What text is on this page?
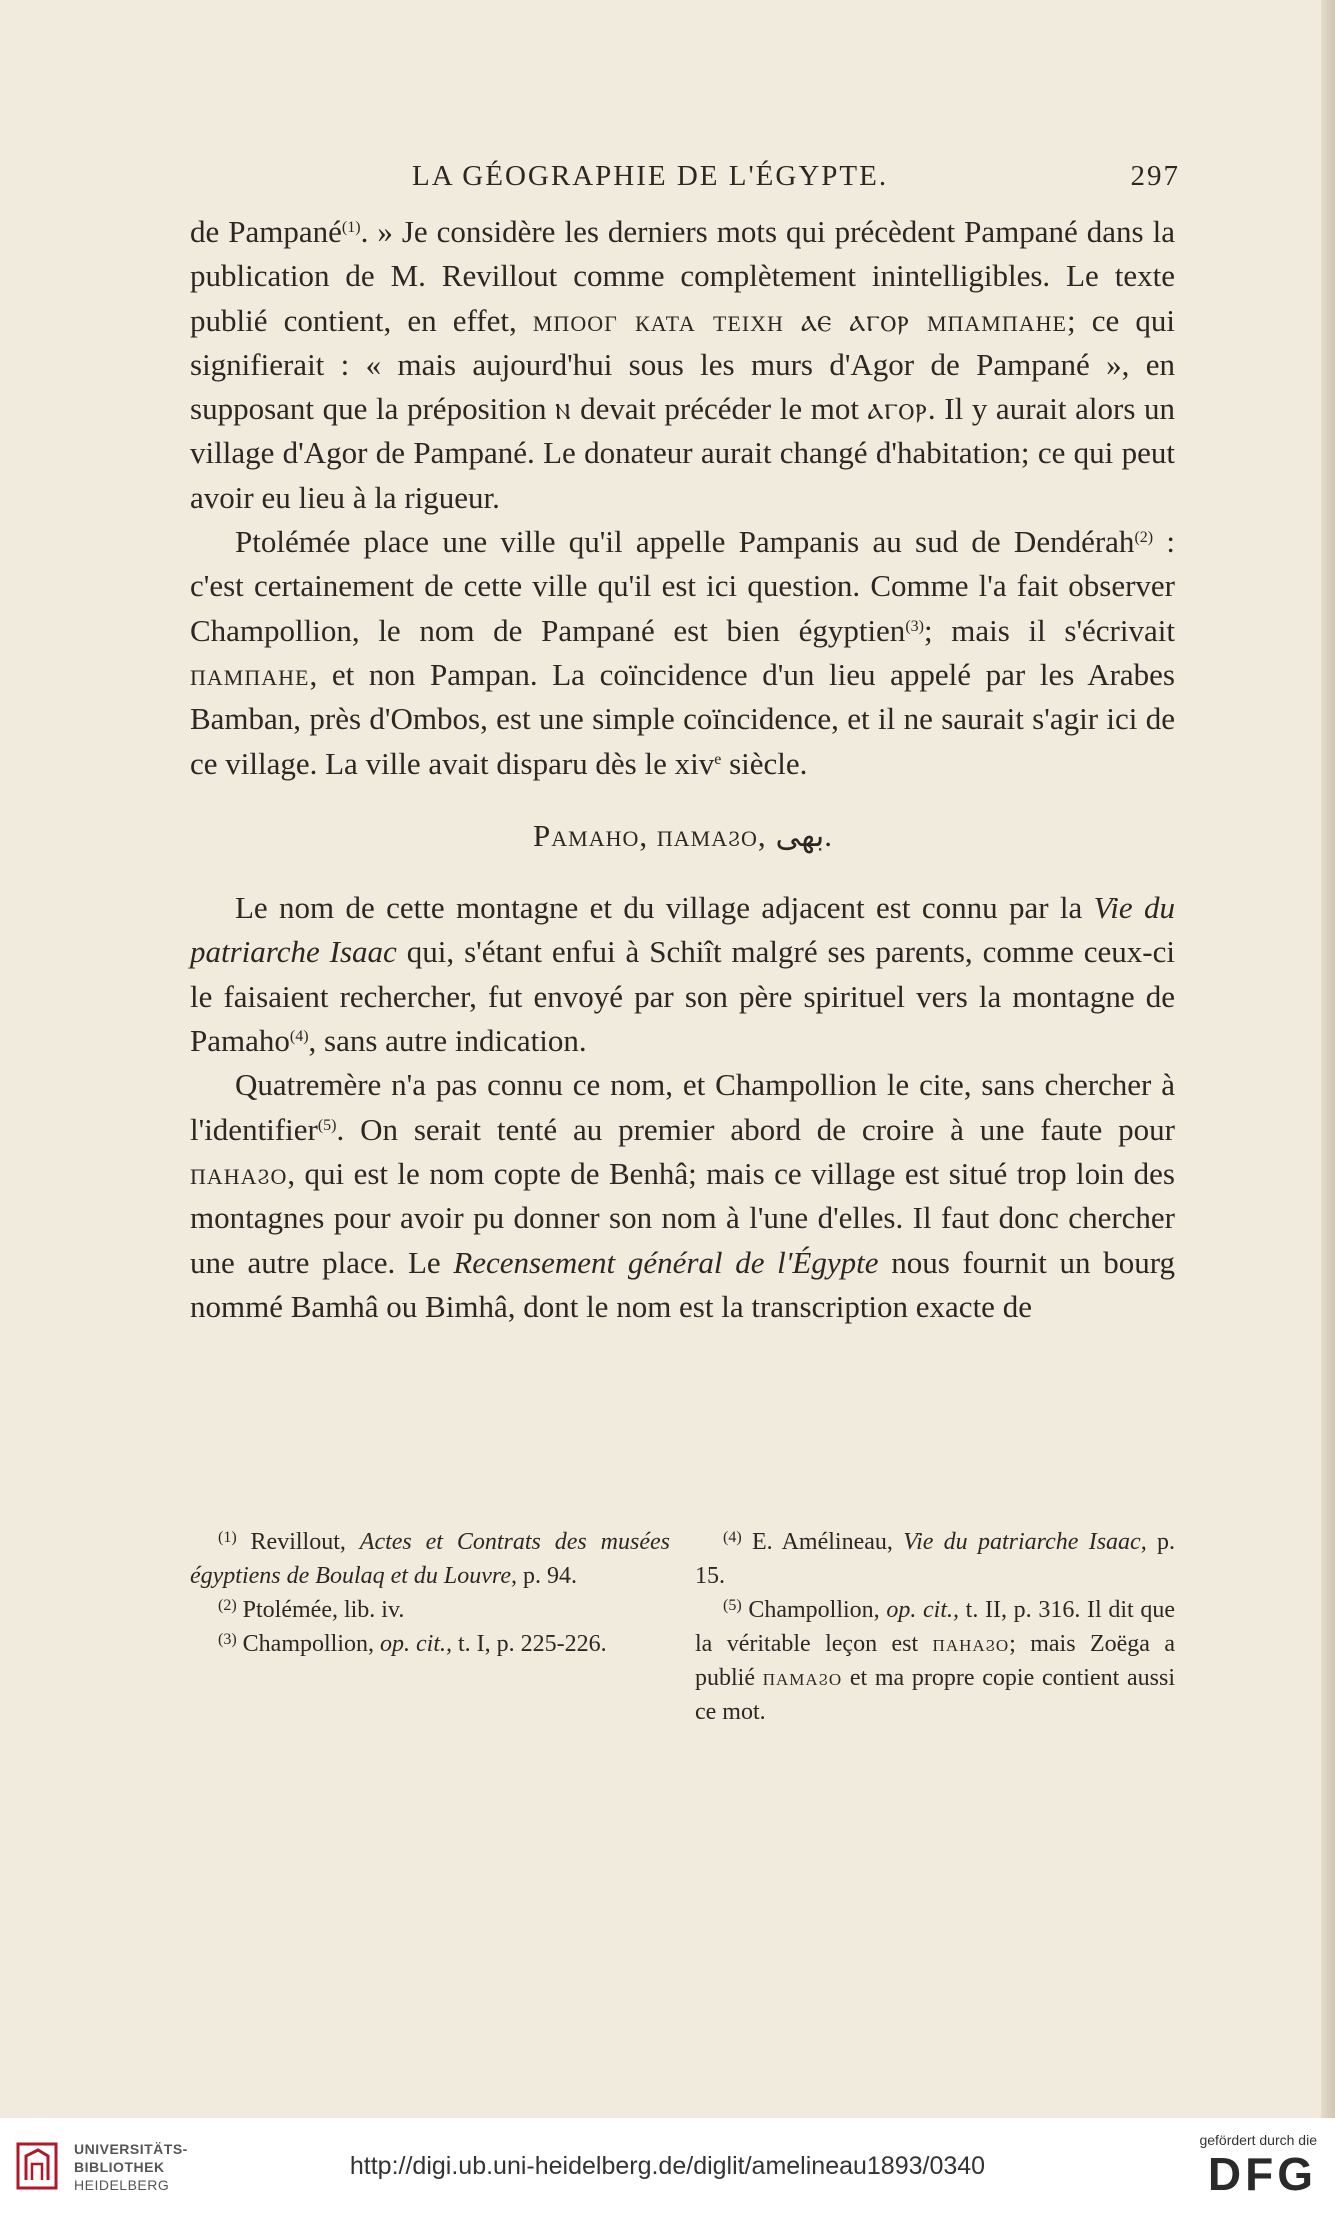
LA GÉOGRAPHIE DE L'ÉGYPTE.	297

de Pampané$^{(1)}$. » Je considère les derniers mots qui précèdent Pampané dans la publication de M. Revillout comme complètement inintelligibles. Le texte publié contient, en effet, мпооγ ката теιхн ⲁⲉ ⲁⲅⲟⲣ мпампане; ce qui signifierait : « mais aujourd'hui sous les murs d'Agor de Pampané », en supposant que la préposition ⲛ devait précéder le mot ⲁⲅⲟⲣ. Il y aurait alors un village d'Agor de Pampané. Le donateur aurait changé d'habitation; ce qui peut avoir eu lieu à la rigueur.

Ptolémée place une ville qu'il appelle Pampanis au sud de Dendérah$^{(2)}$ : c'est certainement de cette ville qu'il est ici question. Comme l'a fait observer Champollion, le nom de Pampané est bien égyptien$^{(3)}$; mais il s'écrivait пампане, et non Pampan. La coïncidence d'un lieu appelé par les Arabes Bamban, près d'Ombos, est une simple coïncidence, et il ne saurait s'agir ici de ce village. La ville avait disparu dès le xiv$^e$ siècle.

Pamaho, памаϩо, بهى.

Le nom de cette montagne et du village adjacent est connu par la Vie du patriarche Isaac qui, s'étant enfui à Schiît malgré ses parents, comme ceux-ci le faisaient rechercher, fut envoyé par son père spirituel vers la montagne de Pamaho$^{(4)}$, sans autre indication.

Quatremère n'a pas connu ce nom, et Champollion le cite, sans chercher à l'identifier$^{(5)}$. On serait tenté au premier abord de croire à une faute pour панаϩо, qui est le nom copte de Benhâ; mais ce village est situé trop loin des montagnes pour avoir pu donner son nom à l'une d'elles. Il faut donc chercher une autre place. Le Recensement général de l'Égypte nous fournit un bourg nommé Bamhâ ou Bimhâ, dont le nom est la transcription exacte de

$^{(1)}$ Revillout, Actes et Contrats des musées égyptiens de Boulaq et du Louvre, p. 94.

$^{(2)}$ Ptolémée, lib. iv.

$^{(3)}$ Champollion, op. cit., t. I, p. 225-226.

$^{(4)}$ E. Amélineau, Vie du patriarche Isaac, p. 15.

$^{(5)}$ Champollion, op. cit., t. II, p. 316. Il dit que la véritable leçon est панаϩо; mais Zoëga a publié памаϩо et ma propre copie contient aussi ce mot.

UNIVERSITÄTS-
BIBLIOTHEK
HEIDELBERG
http://digi.ub.uni-heidelberg.de/diglit/amelineau1893/0340
gefördert durch die
DFG
